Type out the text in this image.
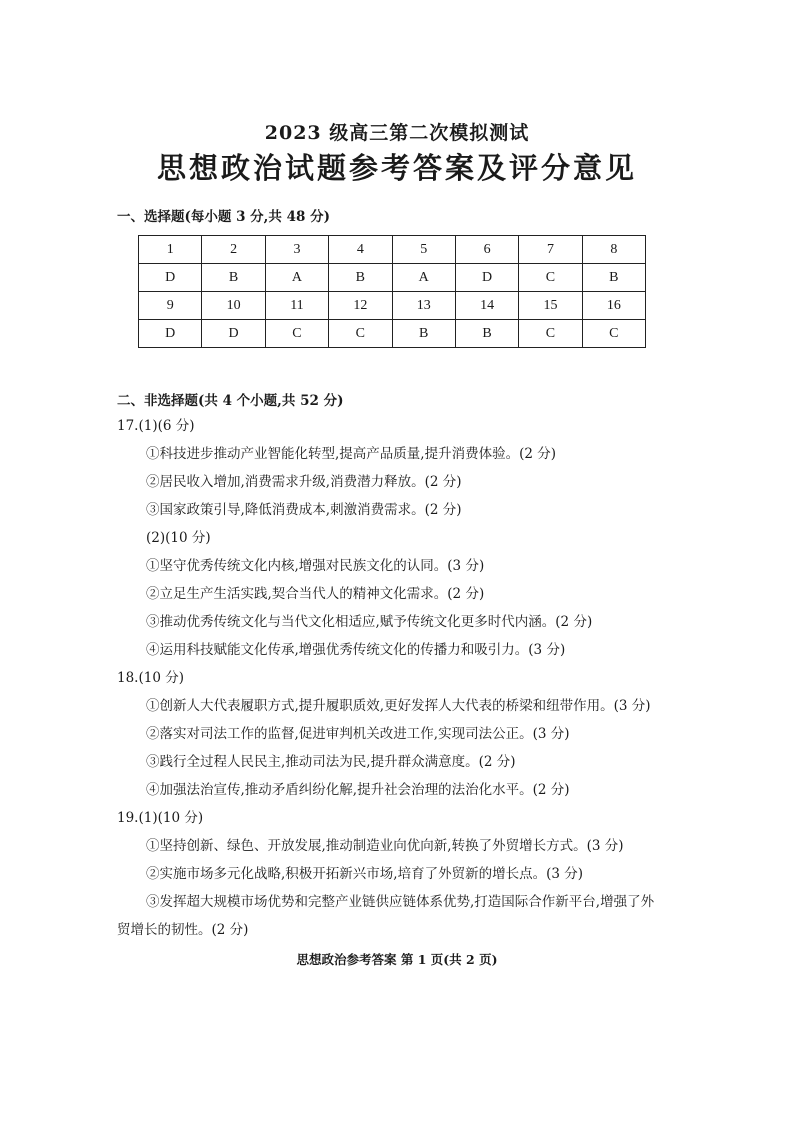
2023 级高三第二次模拟测试
思想政治试题参考答案及评分意见
一、选择题(每小题 3 分,共 48 分)
1	2	3	4	5	6	7	8
D	B	A	B	A	D	C	B
9	10	11	12	13	14	15	16
D	D	C	C	B	B	C	C
二、非选择题(共 4 个小题,共 52 分)
17.(1)(6 分)
①科技进步推动产业智能化转型,提高产品质量,提升消费体验。(2 分)
②居民收入增加,消费需求升级,消费潜力释放。(2 分)
③国家政策引导,降低消费成本,刺激消费需求。(2 分)
(2)(10 分)
①坚守优秀传统文化内核,增强对民族文化的认同。(3 分)
②立足生产生活实践,契合当代人的精神文化需求。(2 分)
③推动优秀传统文化与当代文化相适应,赋予传统文化更多时代内涵。(2 分)
④运用科技赋能文化传承,增强优秀传统文化的传播力和吸引力。(3 分)
18.(10 分)
①创新人大代表履职方式,提升履职质效,更好发挥人大代表的桥梁和纽带作用。(3 分)
②落实对司法工作的监督,促进审判机关改进工作,实现司法公正。(3 分)
③践行全过程人民民主,推动司法为民,提升群众满意度。(2 分)
④加强法治宣传,推动矛盾纠纷化解,提升社会治理的法治化水平。(2 分)
19.(1)(10 分)
①坚持创新、绿色、开放发展,推动制造业向优向新,转换了外贸增长方式。(3 分)
②实施市场多元化战略,积极开拓新兴市场,培育了外贸新的增长点。(3 分)
③发挥超大规模市场优势和完整产业链供应链体系优势,打造国际合作新平台,增强了外
贸增长的韧性。(2 分)
思想政治参考答案 第 1 页(共 2 页)
